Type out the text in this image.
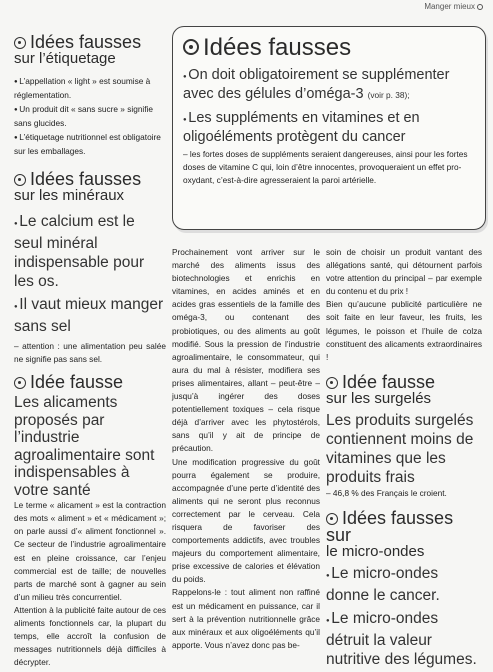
Manger mieux
Idées fausses
● On doit obligatoirement se supplémenter avec des gélules d’oméga-3 (voir p. 38);
● Les suppléments en vitamines et en oligoéléments protègent du cancer
– les fortes doses de suppléments seraient dangereuses, ainsi pour les fortes doses de vitamine C qui, loin d’être innocentes, provoqueraient un effet pro-oxydant, c’est-à-dire agresseraient la paroi artérielle.
Idées fausses
sur l’étiquetage

● L’appellation « light » est soumise à réglementation.

● Un produit dit « sans sucre » signifie sans glucides.

● L’étiquetage nutritionnel est obligatoire sur les emballages.

Idées fausses
sur les minéraux
● Le calcium est le seul minéral indispensable pour les os.
● Il vaut mieux manger sans sel
– attention : une alimentation peu salée ne signifie pas sans sel.
Idée fausse
Les alicaments proposés par l’industrie agroalimentaire sont indispensables à votre santé
Le terme « alicament » est la contraction des mots « aliment » et « médicament »; on parle aussi d’« aliment fonctionnel ». Ce secteur de l’industrie agroalimentaire est en pleine croissance, car l’enjeu commercial est de taille; de nouvelles parts de marché sont à gagner au sein d’un milieu très concurrentiel.
Attention à la publicité faite autour de ces aliments fonctionnels car, la plupart du temps, elle accroît la confusion de messages nutritionnels déjà difficiles à décrypter.
Prochainement vont arriver sur le marché des aliments issus des biotechnologies et enrichis en vitamines, en acides aminés et en acides gras essentiels de la famille des oméga-3, ou contenant des probiotiques, ou des aliments au goût modifié. Sous la pression de l’industrie agroalimentaire, le consommateur, qui aura du mal à résister, modifiera ses prises alimentaires, allant – peut-être – jusqu’à ingérer des doses potentiellement toxiques – cela risque déjà d’arriver avec les phytostérols, sans qu’il y ait de principe de précaution.
Une modification progressive du goût pourra également se produire, accompagnée d’une perte d’identité des aliments qui ne seront plus reconnus correctement par le cerveau. Cela risquera de favoriser des comportements addictifs, avec troubles majeurs du comportement alimentaire, prise excessive de calories et élévation du poids.
Rappelons-le : tout aliment non raffiné est un médicament en puissance, car il sert à la prévention nutritionnelle grâce aux minéraux et aux oligoéléments qu’il apporte. Vous n’avez donc pas be-
soin de choisir un produit vantant des allégations santé, qui détournent parfois votre attention du principal – par exemple du contenu et du prix !
Bien qu’aucune publicité particulière ne soit faite en leur faveur, les fruits, les légumes, le poisson et l’huile de colza constituent des alicaments extraordinaires !
Idée fausse
sur les surgelés
Les produits surgelés contiennent moins de vitamines que les produits frais
– 46,8 % des Français le croient.
Idées fausses sur
le micro-ondes
● Le micro-ondes donne le cancer.
● Le micro-ondes détruit la valeur nutritive des légumes.
